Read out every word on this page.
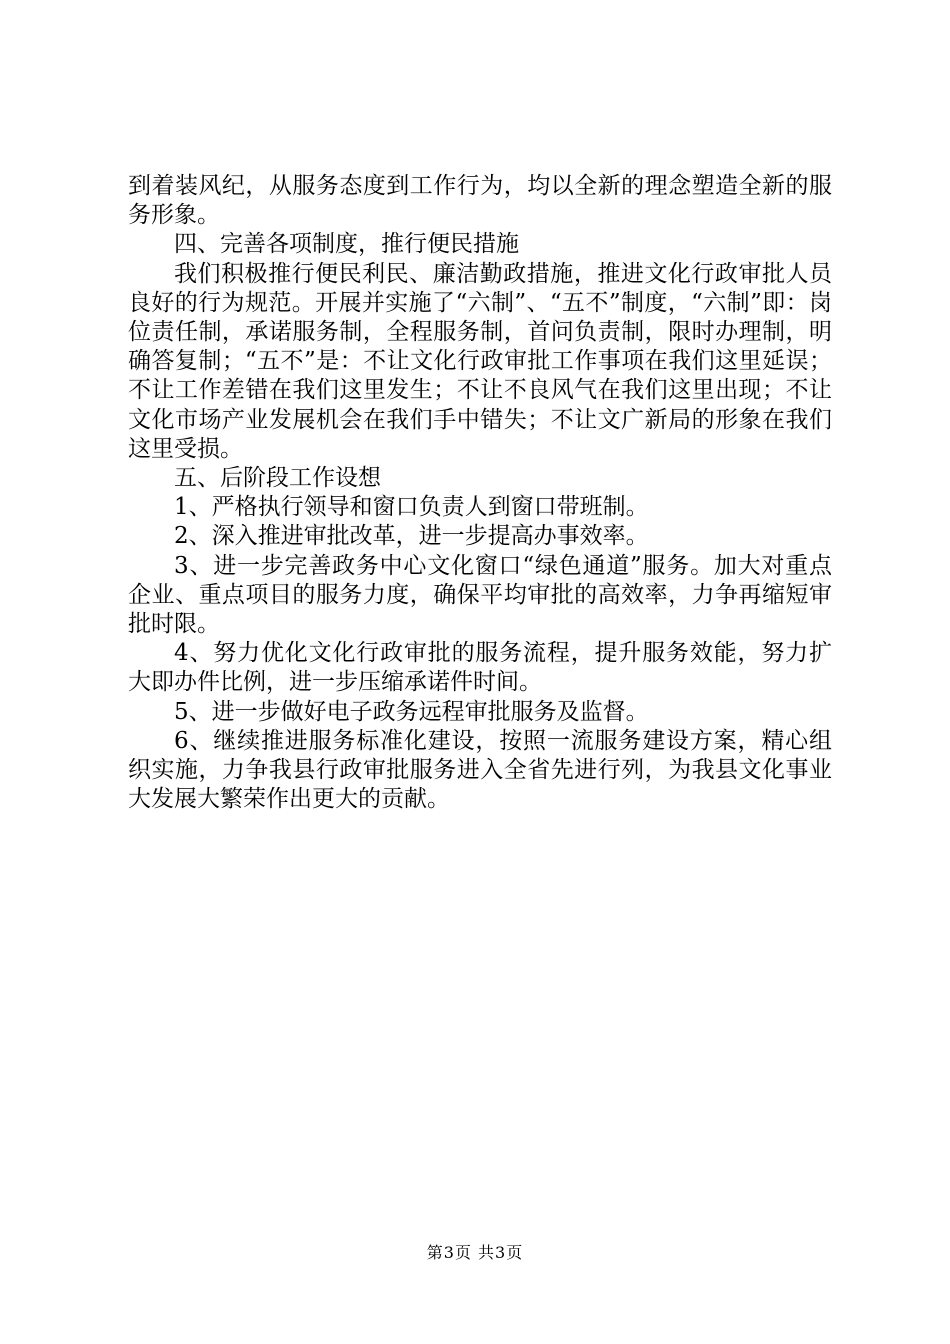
到着装风纪，从服务态度到工作行为，均以全新的理念塑造全新的服务形象。

四、完善各项制度，推行便民措施

我们积极推行便民利民、廉洁勤政措施，推进文化行政审批人员良好的行为规范。开展并实施了“六制”、“五不”制度，“六制”即：岗位责任制，承诺服务制，全程服务制，首问负责制，限时办理制，明确答复制；“五不”是：不让文化行政审批工作事项在我们这里延误；不让工作差错在我们这里发生；不让不良风气在我们这里出现；不让文化市场产业发展机会在我们手中错失；不让文广新局的形象在我们这里受损。

五、后阶段工作设想

1、严格执行领导和窗口负责人到窗口带班制。

2、深入推进审批改革，进一步提高办事效率。

3、进一步完善政务中心文化窗口“绿色通道”服务。加大对重点企业、重点项目的服务力度，确保平均审批的高效率，力争再缩短审批时限。

4、努力优化文化行政审批的服务流程，提升服务效能，努力扩大即办件比例，进一步压缩承诺件时间。

5、进一步做好电子政务远程审批服务及监督。

6、继续推进服务标准化建设，按照一流服务建设方案，精心组织实施，力争我县行政审批服务进入全省先进行列，为我县文化事业大发展大繁荣作出更大的贡献。

第3页 共3页
